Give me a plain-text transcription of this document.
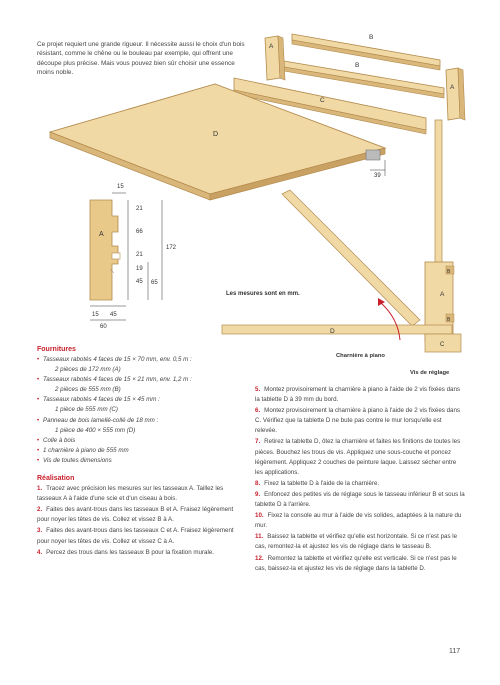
Ce projet requiert une grande rigueur. Il nécessite aussi le choix d'un bois résistant, comme le chêne ou le bouleau par exemple, qui offrent une découpe plus précise. Mais vous pouvez bien sûr choisir une essence moins noble.
39
B
B
C
A
A
D
A
15
21
66
21
19
45 65
172
15 45
60
Les mesures sont en mm.	A
B
B
D
C
Charnière à piano
Vis de réglage
Fournitures
• Tasseaux rabotés 4 faces de 15 × 70 mm, env. 0,5 m :
2 pièces de 172 mm (A)
• Tasseaux rabotés 4 faces de 15 × 21 mm, env. 1,2 m :
2 pièces de 555 mm (B)
• Tasseaux rabotés 4 faces de 15 × 45 mm :
1 pièce de 555 mm (C)
• Panneau de bois lamellé-collé de 18 mm :
1 pièce de 400 × 555 mm (D)
• Colle à bois
• 1 charnière à piano de 555 mm
• Vis de toutes dimensions
Réalisation
1. Tracez avec précision les mesures sur les tasseaux A. Taillez les tasseaux A à l'aide d'une scie et d'un ciseau à bois.
2. Faites des avant-trous dans les tasseaux B et A. Fraisez légèrement pour noyer les têtes de vis. Collez et vissez B à A.
3. Faites des avant-trous dans les tasseaux C et A. Fraisez légèrement pour noyer les têtes de vis. Collez et vissez C à A.
4. Percez des trous dans les tasseaux B pour la fixation murale.
5. Montez provisoirement la charnière à piano à l'aide de 2 vis fixées dans la tablette D à 39 mm du bord.
6. Montez provisoirement la charnière à piano à l'aide de 2 vis fixées dans C. Vérifiez que la tablette D ne bute pas contre le mur lorsqu'elle est relevée.
7. Retirez la tablette D, ôtez la charnière et faites les finitions de toutes les pièces. Bouchez les trous de vis. Appliquez une sous-couche et poncez légèrement. Appliquez 2 couches de peinture laque. Laissez sécher entre les applications.
8. Fixez la tablette D à l'aide de la charnière.
9. Enfoncez des petites vis de réglage sous le tasseau inférieur B et sous la tablette D à l'arrière.
10. Fixez la console au mur à l'aide de vis solides, adaptées à la nature du mur.
11. Baissez la tablette et vérifiez qu'elle est horizontale. Si ce n'est pas le cas, remontez-la et ajustez les vis de réglage dans le tasseau B.
12. Remontez la tablette et vérifiez qu'elle est verticale. Si ce n'est pas le cas, baissez-la et ajustez les vis de réglage dans la tablette D.
117
